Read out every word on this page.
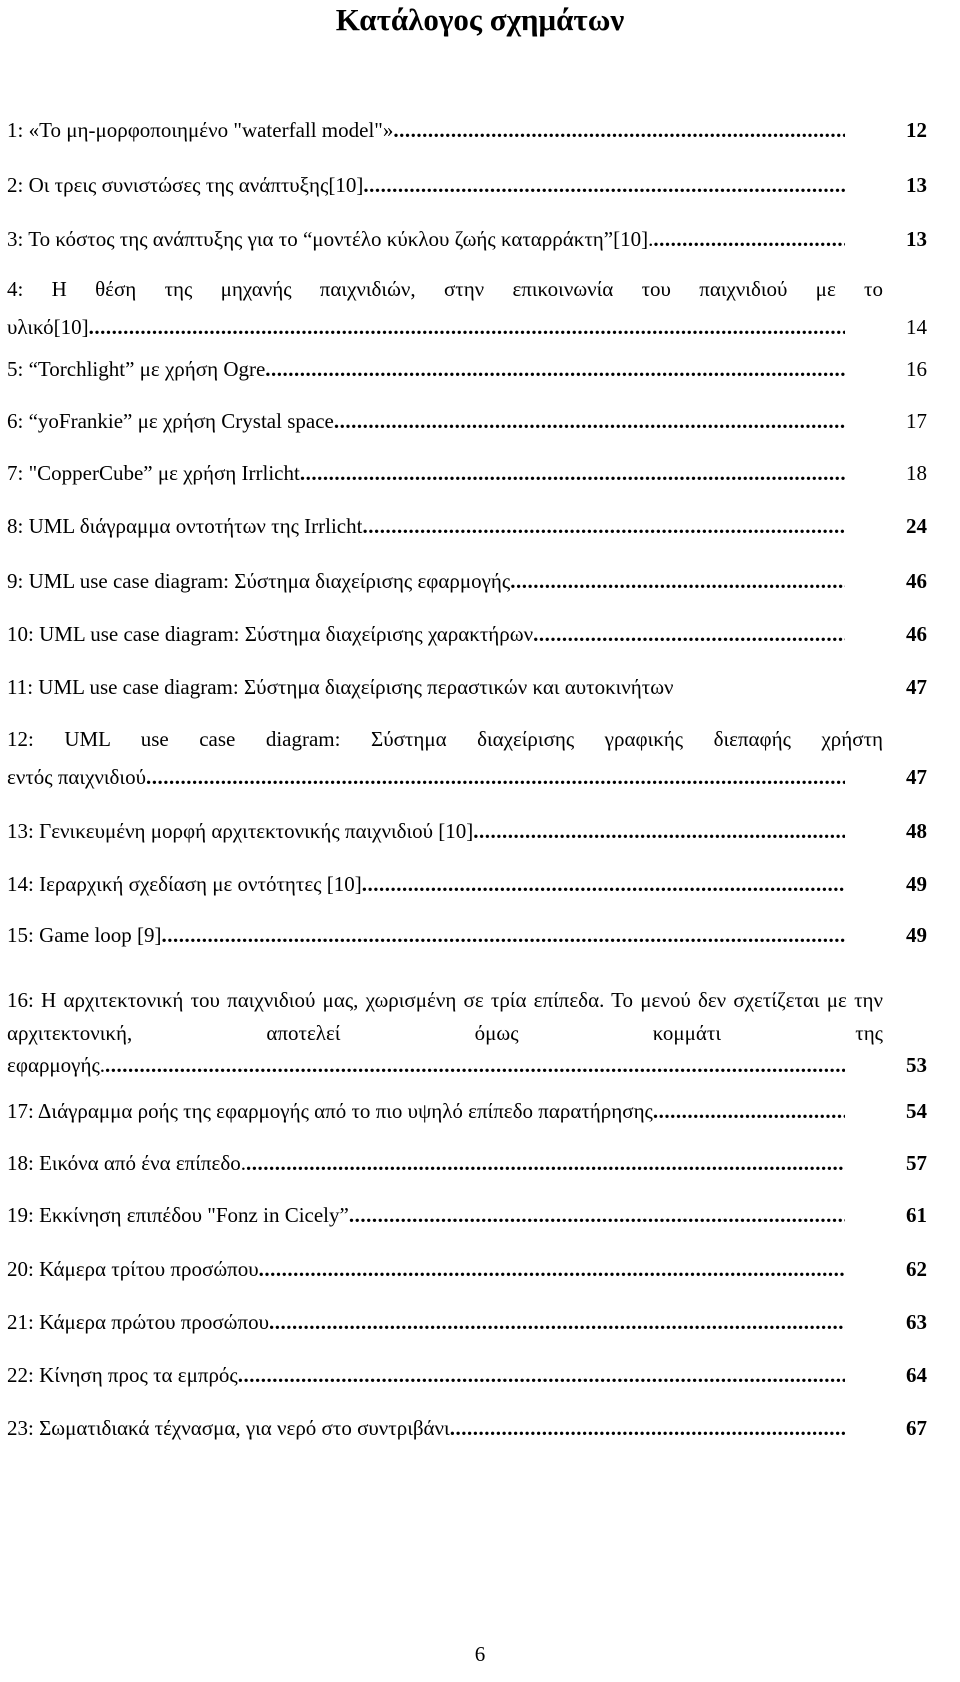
Κατάλογος σχημάτων
1: «Το μη-μορφοποιημένο "waterfall model"» .....	12
2: Οι τρεις συνιστώσες της ανάπτυξης[10] .....	13
3: Το κόστος της ανάπτυξης για το “μοντέλο κύκλου ζωής καταρράκτη”[10]. .....	13
4: Η θέση της μηχανής παιχνιδιών, στην επικοινωνία του παιχνιδιού με το
υλικό[10] .....	14
5: “Torchlight” με χρήση Ogre .....	16
6: “yoFrankie” με χρήση Crystal space .....	17
7: "CopperCube” με χρήση Irrlicht .....	18
8: UML διάγραμμα οντοτήτων της Irrlicht .....	24
9: UML use case diagram: Σύστημα διαχείρισης εφαρμογής .....	46
10: UML use case diagram: Σύστημα διαχείρισης χαρακτήρων .....	46
11: UML use case diagram: Σύστημα διαχείρισης περαστικών και αυτοκινήτων	47
12: UML use case diagram: Σύστημα διαχείρισης γραφικής διεπαφής χρήστη
εντός παιχνιδιού .....	47
13: Γενικευμένη μορφή αρχιτεκτονικής παιχνιδιού [10] .....	48
14: Ιεραρχική σχεδίαση με οντότητες [10] .....	49
15: Game loop [9] .....	49
16: Η αρχιτεκτονική του παιχνιδιού μας, χωρισμένη σε τρία επίπεδα. Το μενού δεν σχετίζεται με την αρχιτεκτονική, αποτελεί όμως κομμάτι της
εφαρμογής. .....	53
17: Διάγραμμα ροής της εφαρμογής από το πιο υψηλό επίπεδο παρατήρησης .....	54
18: Εικόνα από ένα επίπεδο. .....	57
19: Εκκίνηση επιπέδου "Fonz in Cicely” .....	61
20: Κάμερα τρίτου προσώπου .....	62
21: Κάμερα πρώτου προσώπου .....	63
22: Κίνηση προς τα εμπρός .....	64
23: Σωματιδιακά τέχνασμα, για νερό στο συντριβάνι .....	67
6
